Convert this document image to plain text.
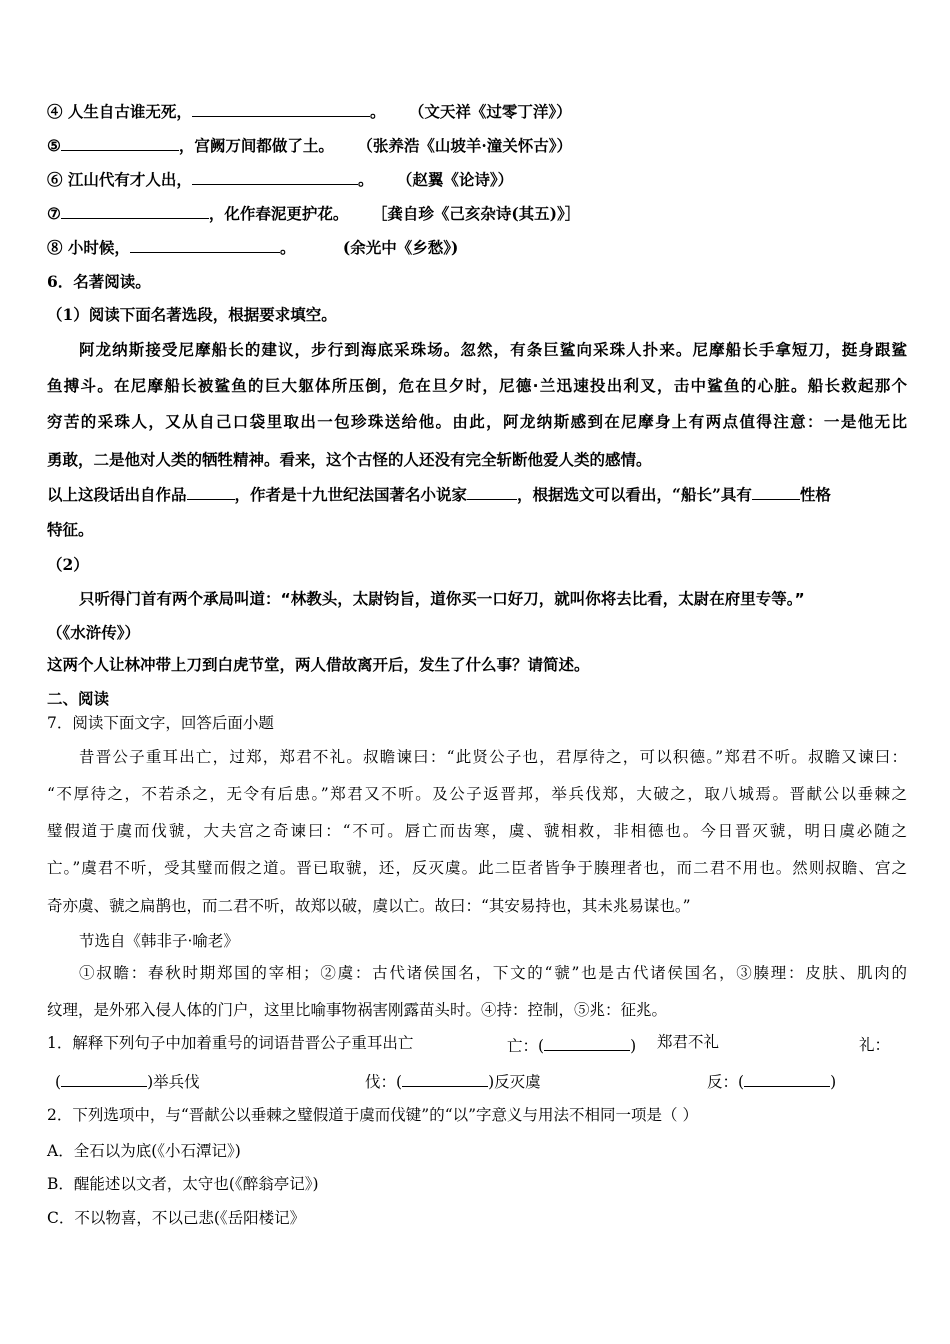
④ 人生自古谁无死，	。 （文天祥《过零丁洋》）
⑤	，宫阙万间都做了土。 （张养浩《山坡羊·潼关怀古》）
⑥ 江山代有才人出，	。 （赵翼《论诗》）
⑦	，化作春泥更护花。 ［龚自珍《己亥杂诗(其五)》］
⑧ 小时候，	。	(余光中《乡愁》)
6．名著阅读。
（1）阅读下面名著选段，根据要求填空。
阿龙纳斯接受尼摩船长的建议，步行到海底采珠场。忽然，有条巨鲨向采珠人扑来。尼摩船长手拿短刀，挺身跟鲨
鱼搏斗。在尼摩船长被鲨鱼的巨大躯体所压倒，危在旦夕时，尼德·兰迅速投出利叉，击中鲨鱼的心脏。船长救起那个
穷苦的采珠人，又从自己口袋里取出一包珍珠送给他。由此，阿龙纳斯感到在尼摩身上有两点值得注意：一是他无比
勇敢，二是他对人类的牺牲精神。看来，这个古怪的人还没有完全斩断他爱人类的感情。
以上这段话出自作品	，作者是十九世纪法国著名小说家	，根据选文可以看出，“船长”具有	性格
特征。
（2）
只听得门首有两个承局叫道：“林教头，太尉钧旨，道你买一口好刀，就叫你将去比看，太尉在府里专等。”
（《水浒传》）
这两个人让林冲带上刀到白虎节堂，两人借故离开后，发生了什么事？请简述。
二、阅读
7．阅读下面文字，回答后面小题
昔晋公子重耳出亡，过郑，郑君不礼。叔瞻谏曰：“此贤公子也，君厚待之，可以积德。”郑君不听。叔瞻又谏曰：
“不厚待之，不若杀之，无令有后患。”郑君又不听。及公子返晋邦，举兵伐郑，大破之，取八城焉。晋献公以垂棘之
璧假道于虞而伐虢，大夫宫之奇谏曰：“不可。唇亡而齿寒，虞、虢相救，非相德也。今日晋灭虢，明日虞必随之
亡。”虞君不听，受其璧而假之道。晋已取虢，还，反灭虞。此二臣者皆争于腠理者也，而二君不用也。然则叔瞻、宫之
奇亦虞、虢之扁鹊也，而二君不听，故郑以破，虞以亡。故曰：“其安易持也，其未兆易谋也。”
节选自《韩非子·喻老》
①叔瞻：春秋时期郑国的宰相；②虞：古代诸侯国名，下文的“虢”也是古代诸侯国名，③腠理：皮肤、肌肉的
纹理，是外邪入侵人体的门户，这里比喻事物祸害刚露苗头时。④持：控制，⑤兆：征兆。
1．解释下列句子中加着重号的词语昔晋公子重耳出亡	亡：(	) 郑君不礼	礼：
(	)举兵伐	伐：(	)反灭虞	反：(	)
2．下列选项中，与“晋献公以垂棘之璧假道于虞而伐键”的“以”字意义与用法不相同一项是（ ）
A．全石以为底(《小石潭记》)
B．醒能述以文者，太守也(《醉翁亭记》)
C．不以物喜，不以己悲(《岳阳楼记》
